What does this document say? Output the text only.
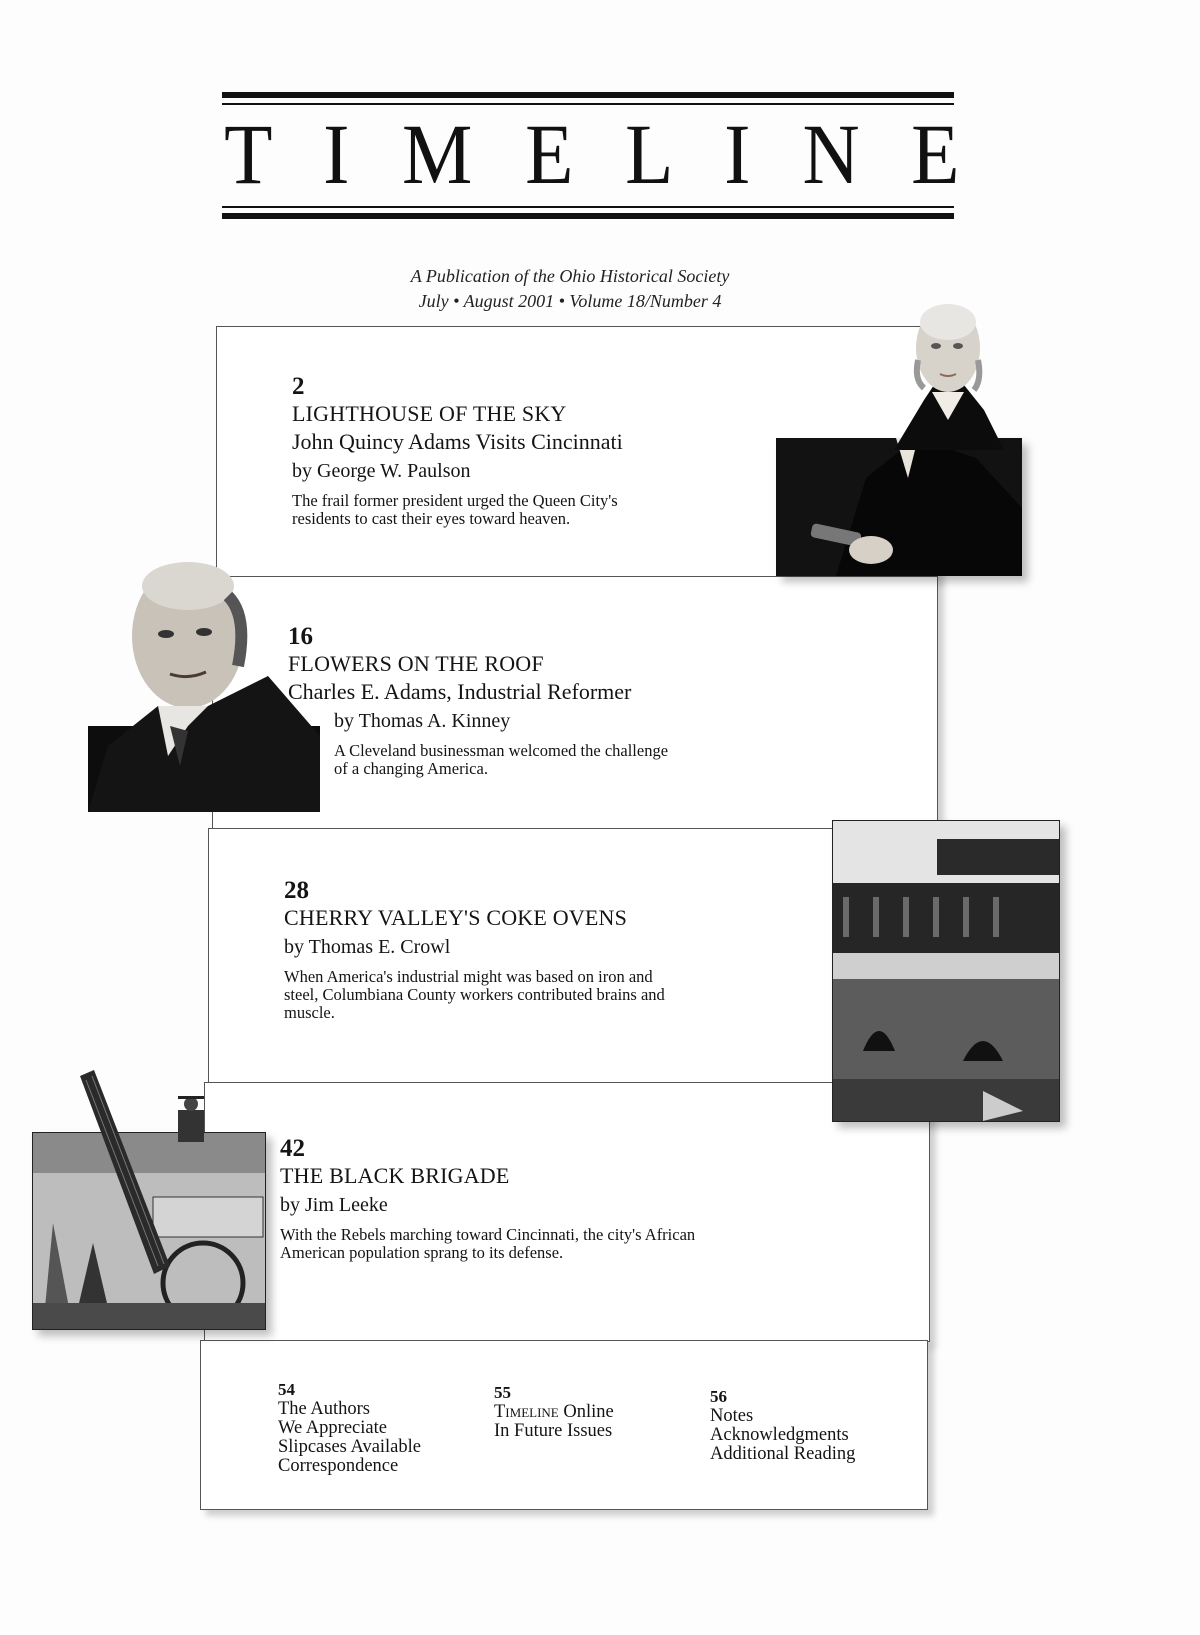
T I M E L I N E
A Publication of the Ohio Historical Society
July • August 2001 • Volume 18/Number 4
2
LIGHTHOUSE OF THE SKY
John Quincy Adams Visits Cincinnati
by George W. Paulson
The frail former president urged the Queen City's
residents to cast their eyes toward heaven.
16
FLOWERS ON THE ROOF
Charles E. Adams, Industrial Reformer
by Thomas A. Kinney
A Cleveland businessman welcomed the challenge
of a changing America.
28
CHERRY VALLEY'S COKE OVENS
by Thomas E. Crowl
When America's industrial might was based on iron and
steel, Columbiana County workers contributed brains and
muscle.
42
THE BLACK BRIGADE
by Jim Leeke
With the Rebels marching toward Cincinnati, the city's African
American population sprang to its defense.
54
The Authors
We Appreciate
Slipcases Available
Correspondence
55
Timeline Online
In Future Issues
56
Notes
Acknowledgments
Additional Reading
